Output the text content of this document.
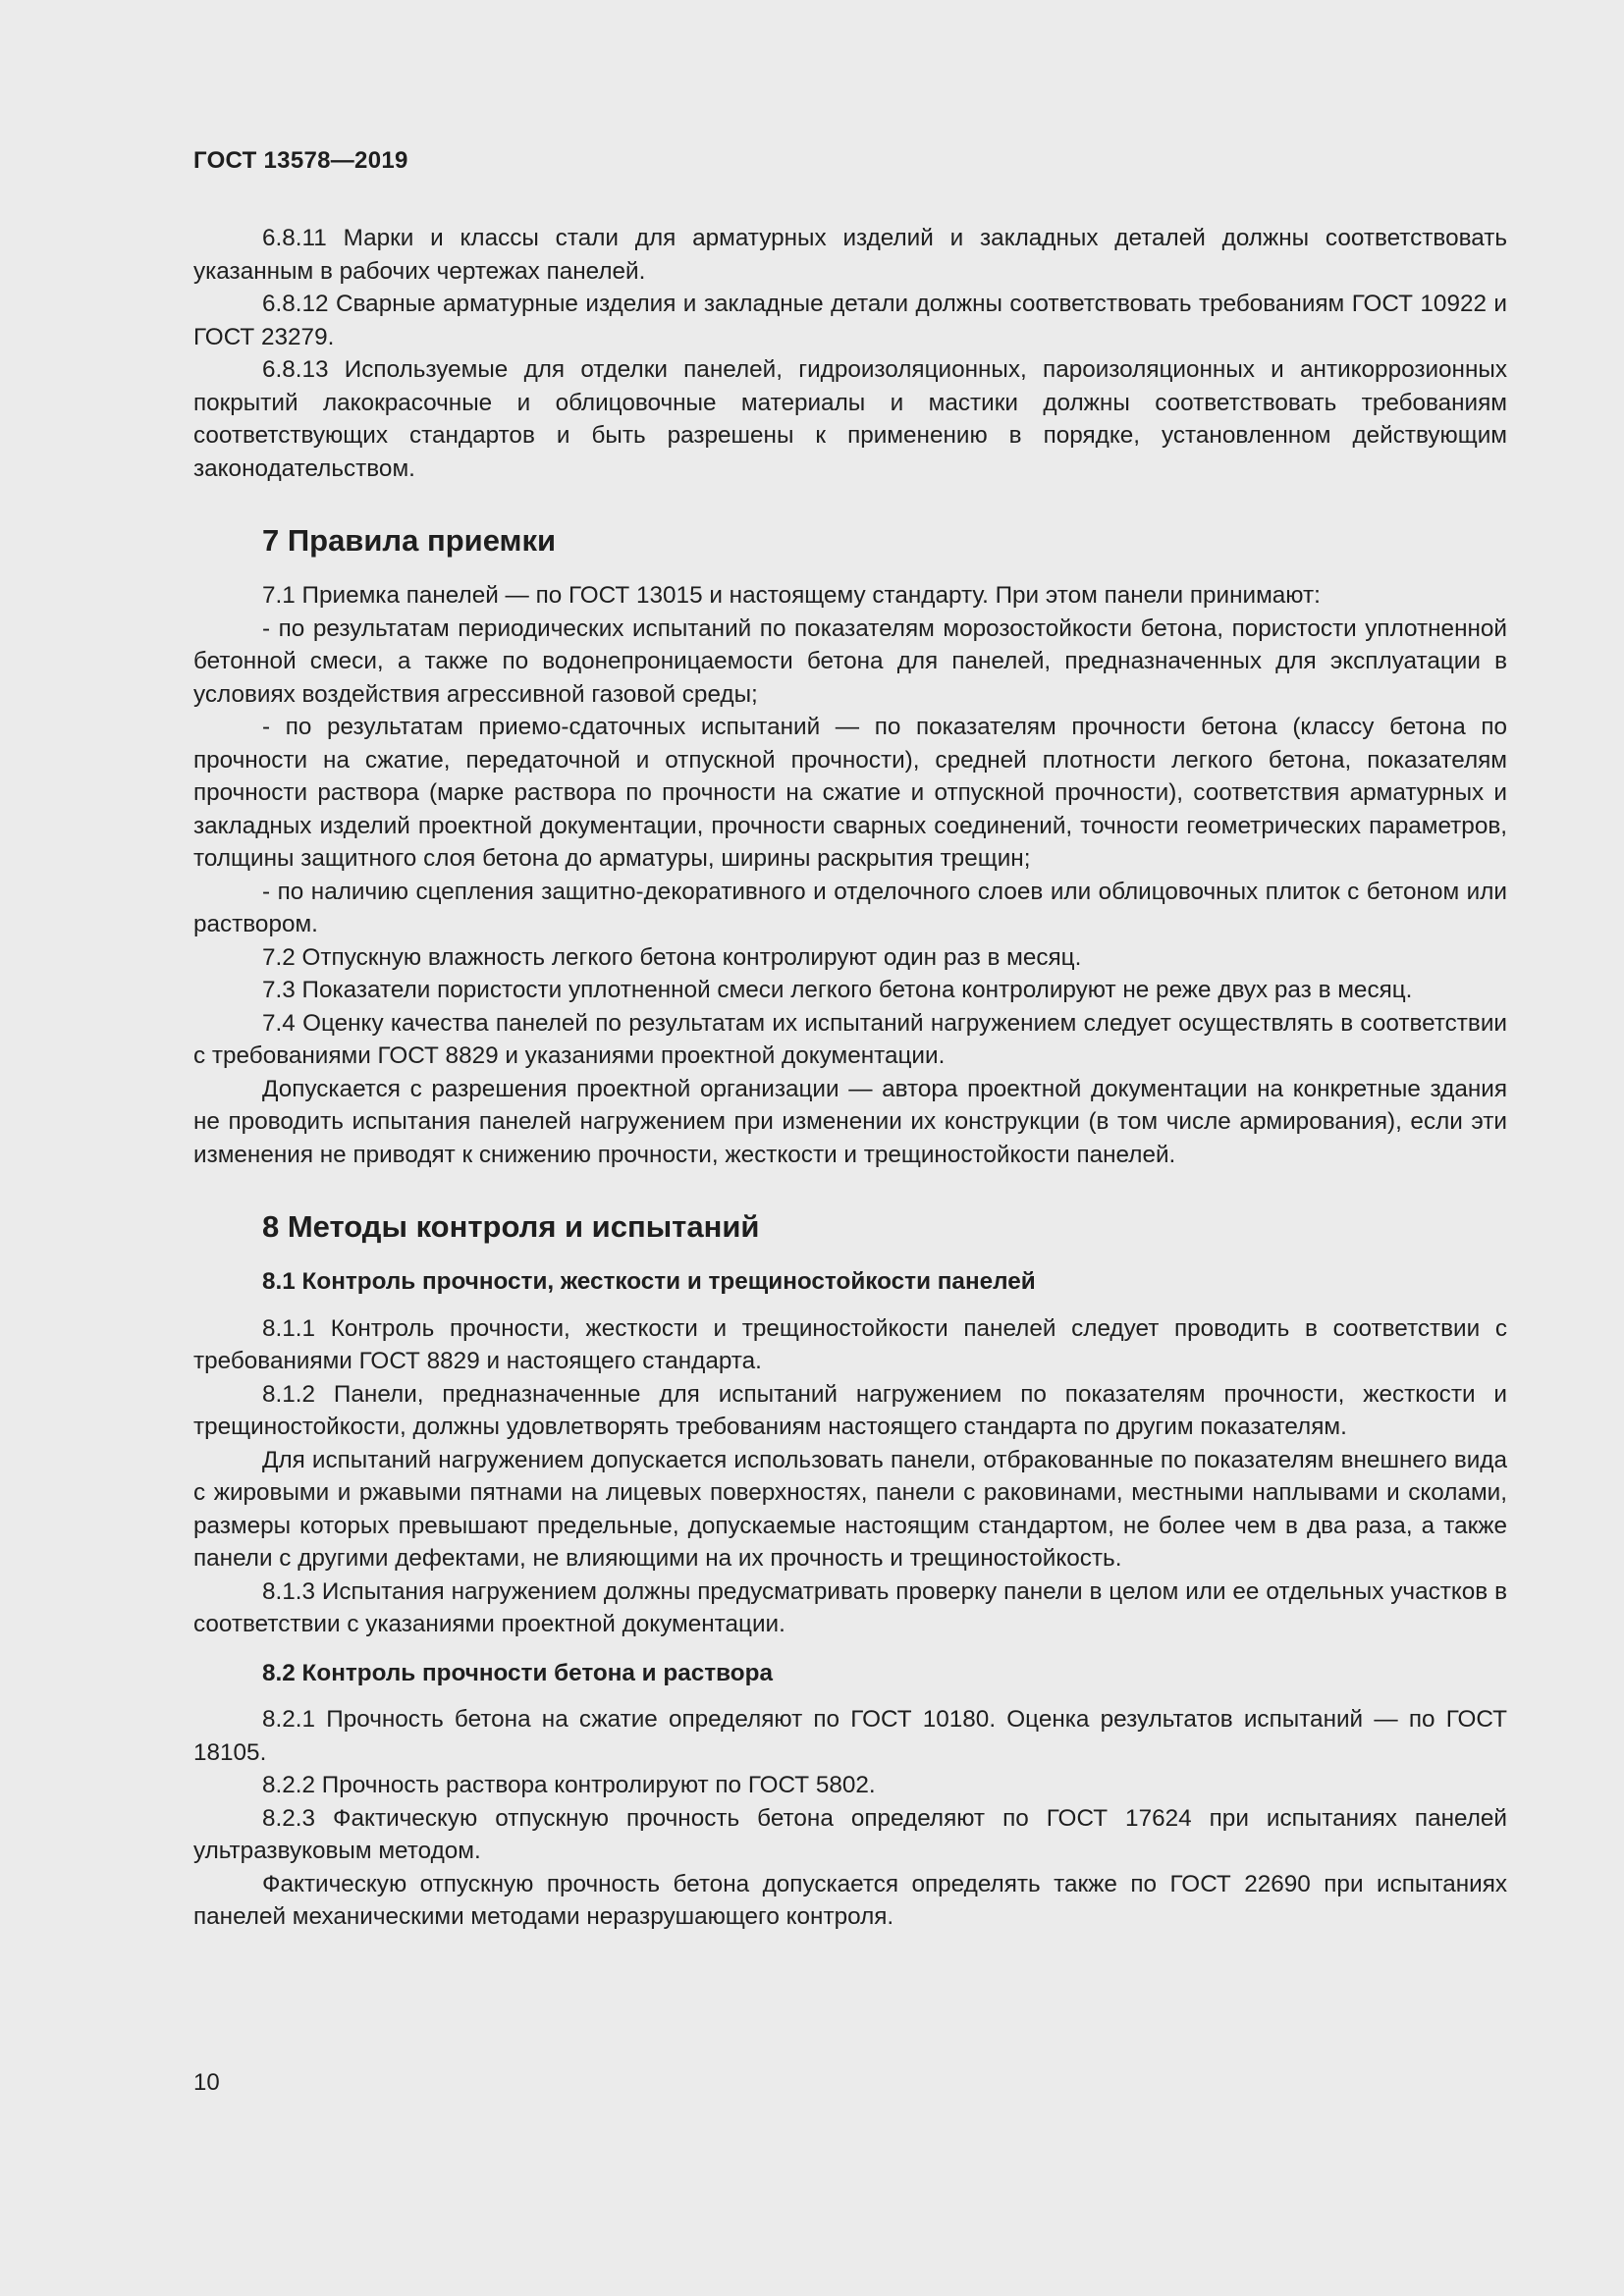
ГОСТ 13578—2019

6.8.11 Марки и классы стали для арматурных изделий и закладных деталей должны соответствовать указанным в рабочих чертежах панелей.

6.8.12 Сварные арматурные изделия и закладные детали должны соответствовать требованиям ГОСТ 10922 и ГОСТ 23279.

6.8.13 Используемые для отделки панелей, гидроизоляционных, пароизоляционных и антикоррозионных покрытий лакокрасочные и облицовочные материалы и мастики должны соответствовать требованиям соответствующих стандартов и быть разрешены к применению в порядке, установленном действующим законодательством.

7 Правила приемки

7.1 Приемка панелей — по ГОСТ 13015 и настоящему стандарту. При этом панели принимают:

- по результатам периодических испытаний по показателям морозостойкости бетона, пористости уплотненной бетонной смеси, а также по водонепроницаемости бетона для панелей, предназначенных для эксплуатации в условиях воздействия агрессивной газовой среды;

- по результатам приемо-сдаточных испытаний — по показателям прочности бетона (классу бетона по прочности на сжатие, передаточной и отпускной прочности), средней плотности легкого бетона, показателям прочности раствора (марке раствора по прочности на сжатие и отпускной прочности), соответствия арматурных и закладных изделий проектной документации, прочности сварных соединений, точности геометрических параметров, толщины защитного слоя бетона до арматуры, ширины раскрытия трещин;

- по наличию сцепления защитно-декоративного и отделочного слоев или облицовочных плиток с бетоном или раствором.

7.2 Отпускную влажность легкого бетона контролируют один раз в месяц.

7.3 Показатели пористости уплотненной смеси легкого бетона контролируют не реже двух раз в месяц.

7.4 Оценку качества панелей по результатам их испытаний нагружением следует осуществлять в соответствии с требованиями ГОСТ 8829 и указаниями проектной документации.

Допускается с разрешения проектной организации — автора проектной документации на конкретные здания не проводить испытания панелей нагружением при изменении их конструкции (в том числе армирования), если эти изменения не приводят к снижению прочности, жесткости и трещиностойкости панелей.

8 Методы контроля и испытаний
8.1 Контроль прочности, жесткости и трещиностойкости панелей

8.1.1 Контроль прочности, жесткости и трещиностойкости панелей следует проводить в соответствии с требованиями ГОСТ 8829 и настоящего стандарта.

8.1.2 Панели, предназначенные для испытаний нагружением по показателям прочности, жесткости и трещиностойкости, должны удовлетворять требованиям настоящего стандарта по другим показателям.

Для испытаний нагружением допускается использовать панели, отбракованные по показателям внешнего вида с жировыми и ржавыми пятнами на лицевых поверхностях, панели с раковинами, местными наплывами и сколами, размеры которых превышают предельные, допускаемые настоящим стандартом, не более чем в два раза, а также панели с другими дефектами, не влияющими на их прочность и трещиностойкость.

8.1.3 Испытания нагружением должны предусматривать проверку панели в целом или ее отдельных участков в соответствии с указаниями проектной документации.

8.2 Контроль прочности бетона и раствора

8.2.1 Прочность бетона на сжатие определяют по ГОСТ 10180. Оценка результатов испытаний — по ГОСТ 18105.

8.2.2 Прочность раствора контролируют по ГОСТ 5802.

8.2.3 Фактическую отпускную прочность бетона определяют по ГОСТ 17624 при испытаниях панелей ультразвуковым методом.

Фактическую отпускную прочность бетона допускается определять также по ГОСТ 22690 при испытаниях панелей механическими методами неразрушающего контроля.

10
